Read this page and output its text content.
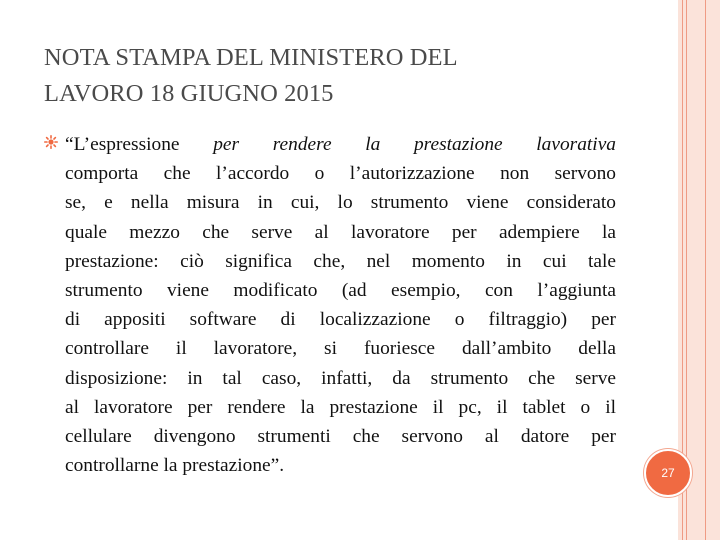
NOTA STAMPA DEL MINISTERO DEL
LAVORO 18 GIUGNO 2015
“L’espressione per rendere la prestazione lavorativa
comporta che l’accordo o l’autorizzazione non servono
se, e nella misura in cui, lo strumento viene considerato
quale mezzo che serve al lavoratore per adempiere la
prestazione: ciò significa che, nel momento in cui tale
strumento viene modificato (ad esempio, con l’aggiunta
di appositi software di localizzazione o filtraggio) per
controllare il lavoratore, si fuoriesce dall’ambito della
disposizione: in tal caso, infatti, da strumento che serve
al lavoratore per rendere la prestazione il pc, il tablet o il
cellulare divengono strumenti che servono al datore per
controllarne la prestazione”.	27
